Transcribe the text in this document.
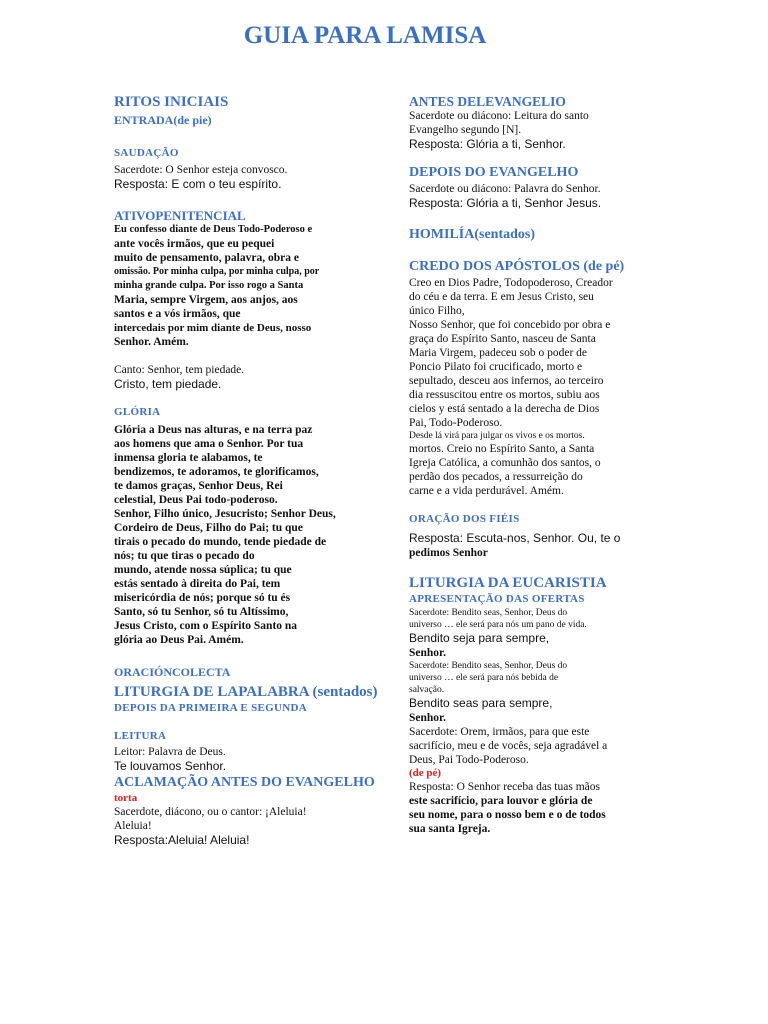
GUIA PARA LAMISA

RITOS INICIAIS

ENTRADA(de pie)

SAUDAÇÃO

Sacerdote: O Senhor esteja convosco.

Resposta: E com o teu espírito.

ATIVOPENITENCIAL

Eu confesso diante de Deus Todo-Poderoso e

ante vocês irmãos, que eu pequei

muito de pensamento, palavra, obra e

omissão. Por minha culpa, por minha culpa, por

minha grande culpa. Por isso rogo a Santa

Maria, sempre Virgem, aos anjos, aos

santos e a vós irmãos, que

intercedais por mim diante de Deus, nosso

Senhor. Amém.

Canto: Senhor, tem piedade.

Cristo, tem piedade.

GLÓRIA

Glória a Deus nas alturas, e na terra paz

aos homens que ama o Senhor. Por tua

inmensa gloria te alabamos, te

bendizemos, te adoramos, te glorificamos,

te damos graças, Senhor Deus, Rei

celestial, Deus Pai todo-poderoso.

Senhor, Filho único, Jesucristo; Senhor Deus,

Cordeiro de Deus, Filho do Pai; tu que

tirais o pecado do mundo, tende piedade de

nós; tu que tiras o pecado do

mundo, atende nossa súplica; tu que

estás sentado à direita do Pai, tem

misericórdia de nós; porque só tu és

Santo, só tu Senhor, só tu Altíssimo,

Jesus Cristo, com o Espírito Santo na

glória ao Deus Pai. Amém.

ORACIÓNCOLECTA

LITURGIA DE LAPALABRA (sentados)

DEPOIS DA PRIMEIRA E SEGUNDA

LEITURA

Leitor: Palavra de Deus.

Te louvamos Senhor.

ACLAMAÇÃO ANTES DO EVANGELHO

torta

Sacerdote, diácono, ou o cantor: ¡Aleluia!

Aleluia!

Resposta:Aleluia! Aleluia!

ANTES DELEVANGELIO

Sacerdote ou diácono: Leitura do santo

Evangelho segundo [N].

Resposta: Glória a ti, Senhor.

DEPOIS DO EVANGELHO

Sacerdote ou diácono: Palavra do Senhor.

Resposta: Glória a ti, Senhor Jesus.

HOMILÍA(sentados)

CREDO DOS APÓSTOLOS (de pé)

Creo en Dios Padre, Todopoderoso, Creador

do céu e da terra. E em Jesus Cristo, seu

único Filho,

Nosso Senhor, que foi concebido por obra e

graça do Espírito Santo, nasceu de Santa

Maria Virgem, padeceu sob o poder de

Poncio Pilato foi crucificado, morto e

sepultado, desceu aos infernos, ao terceiro

dia ressuscitou entre os mortos, subiu aos

cielos y está sentado a la derecha de Dios

Pai, Todo-Poderoso.

Desde lá virá para julgar os vivos e os mortos.

mortos. Creio no Espírito Santo, a Santa

Igreja Católica, a comunhão dos santos, o

perdão dos pecados, a ressurreição do

carne e a vida perdurável. Amém.

ORAÇÃO DOS FIÉIS

Resposta: Escuta-nos, Senhor. Ou, te o

pedimos Senhor

LITURGIA DA EUCARISTIA

APRESENTAÇÃO DAS OFERTAS

Sacerdote: Bendito seas, Senhor, Deus do

universo … ele será para nós um pano de vida.

Bendito seja para sempre,

Senhor.

Sacerdote: Bendito seas, Senhor, Deus do

universo … ele será para nós bebida de

salvação.

Bendito seas para sempre,

Senhor.

Sacerdote: Orem, irmãos, para que este

sacrifício, meu e de vocês, seja agradável a

Deus, Pai Todo-Poderoso.

(de pé)

Resposta: O Senhor receba das tuas mãos

este sacrifício, para louvor e glória de

seu nome, para o nosso bem e o de todos

sua santa Igreja.
